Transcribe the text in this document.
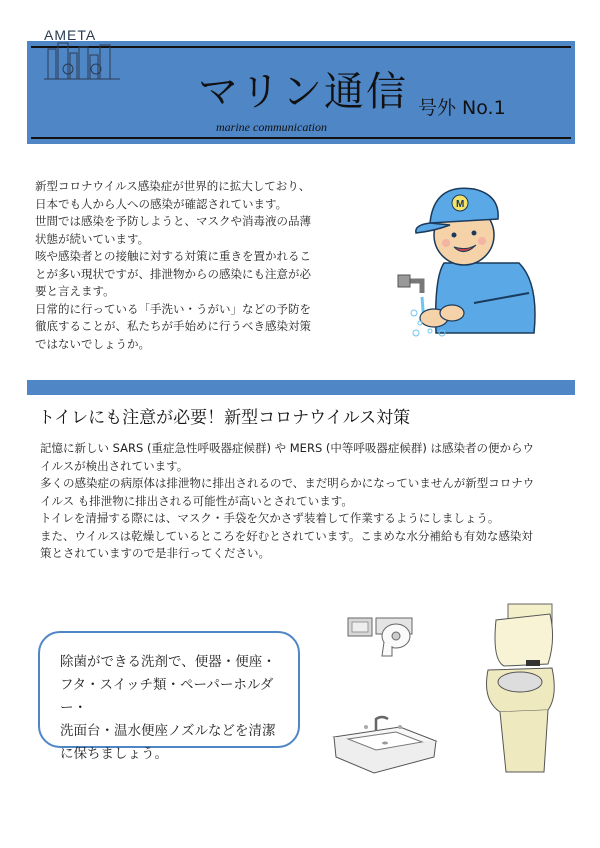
AMETA
マリン通信 号外 No.1
marine communication

新型コロナウイルス感染症が世界的に拡大しており、

日本でも人から人への感染が確認されています。

世間では感染を予防しようと、マスクや消毒液の品薄

状態が続いています。

咳や感染者との接触に対する対策に重きを置かれるこ

とが多い現状ですが、排泄物からの感染にも注意が必

要と言えます。

日常的に行っている「手洗い・うがい」などの予防を

徹底することが、私たちが手始めに行うべき感染対策

ではないでしょうか。

M
トイレにも注意が必要！新型コロナウイルス対策

記憶に新しい SARS (重症急性呼吸器症候群) や MERS (中等呼吸器症候群) は感染者の便からウ

イルスが検出されています。

多くの感染症の病原体は排泄物に排出されるので、まだ明らかになっていませんが新型コロナウ

イルス も排泄物に排出される可能性が高いとされています。

トイレを清掃する際には、マスク・手袋を欠かさず装着して作業するようにしましょう。

また、ウイルスは乾燥しているところを好むとされています。こまめな水分補給も有効な感染対

策とされていますので是非行ってください。

除菌ができる洗剤で、便器・便座・
フタ・スイッチ類・ペーパーホルダー・
洗面台・温水便座ノズルなどを清潔
に保ちましょう。
